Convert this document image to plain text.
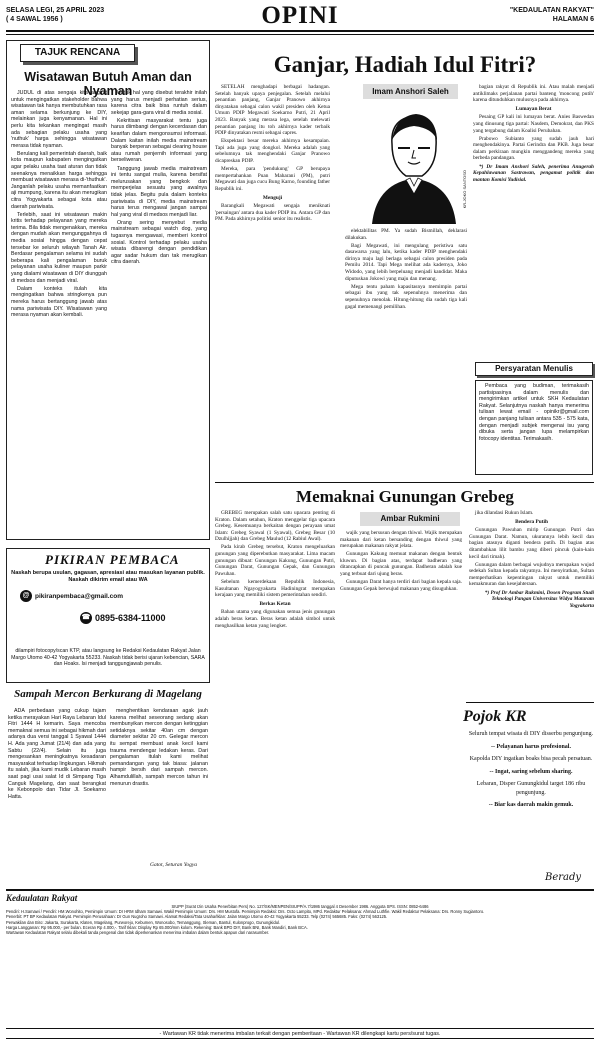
SELASA LEGI, 25 APRIL 2023
( 4 SAWAL 1956 )	OPINI	"KEDAULATAN RAKYAT"
HALAMAN 6
TAJUK RENCANA
Wisatawan Butuh Aman dan Nyaman

JUDUL di atas sengaja kita angkat untuk mengingatkan stakeholder bahwa wisatawan tak hanya membutuhkan rasa aman selama berkunjung ke DIY, melainkan juga kenyamanan. Hal ini perlu kita tekankan mengingat masih ada sebagian pelaku usaha yang 'nuthuk' harga sehingga wisatawan merasa tidak nyaman.

Berulang kali pemerintah daerah, baik kota maupun kabupaten mengingatkan agar pelaku usaha taat aturan dan tidak seenaknya menaikkan harga sehingga membuat wisatawan merasa di-'thuthuk'. Janganlah pelaku usaha memanfaatkan aji mumpung, karena itu akan merugikan citra Yogyakarta sebagai kota atau daerah pariwisata.

Terlebih, saat ini wisatawan makin kritis terhadap pelayanan yang mereka terima. Bila tidak mengenakkan, mereka dengan mudah akan mengunggahnya di media sosial hingga dengan cepat tersebar ke seluruh wilayah Tanah Air. Berdasar pengalaman selama ini sudah beberapa kali pengalaman buruk pelayanan usaha kuliner maupun parkir yang dialami wisatawan di DIY diunggah di medsos dan menjadi viral.

Dalam konteks itulah kita mengingatkan bahwa stringkenya pun mereka harus bertanggung jawab atas nama pariwisata DIY. Wisatawan yang merasa nyaman akan kembali.

Untuk hal yang disebut terakhir inilah yang harus menjadi perhatian serius, karena citra baik bisa runtuh dalam sekejap gara-gara viral di media sosial.

Kekritisan masyarakat tentu juga harus diimbangi dengan kecerdasan dan kearifan dalam mengonsumsi informasi. Dalam kaitan inilah media mainstream banyak berperan sebagai clearing house atau rumah penjernih informasi yang berseliweran.

Tanggung jawab media mainstream ini tentu sangat mulia, karena bersifat melurusakan yang bengkok dan memperjelas sesuatu yang awalnya tidak jelas. Begitu pula dalam konteks pariwisata di DIY, media mainstream harus terus mengawal jangan sampai hal yang viral di medsos menjadi liar.

Orang sering menyebut media mainstream sebagai watch dog, yang tugasnya mengawasi, memberi kontrol sosial. Kontrol terhadap pelaku usaha wisata dibarengi dengan pendidikan agar sadar hukum dan tak merugikan citra daerah.

PIKIRAN PEMBACA
Naskah berupa usulan, gagasan, apresiasi atau masukan layanan publik. Naskah dikirim email atau WA
@ pikiranpembaca@gmail.com
☎ 0895-6384-11000
dilampiri fotocopy/scan KTP, atau langsung ke Redaksi Kedaulatan Rakyat Jalan Margo Utomo 40-42 Yogyakarta 55233. Naskah tidak berisi ujaran kebencian, SARA dan Hoaks. Isi menjadi tanggungjawab penulis.
Sampah Mercon Berkurang di Magelang

ADA perbedaan yang cukup tajam ketika merayakan Hari Raya Lebaran Idul Fitri 1444 H kemarin. Saya mencoba memaknai semua ini sebagai hikmah dari adanya dua versi tanggal 1 Syawal 1444 H. Ada yang Jumat (21/4) dan ada yang Sabtu (22/4). Selain itu juga mengesankan meningkatnya kesadaran masyarakat terhadap lingkungan. Hikmah itu salah, jika kami mudik Lebaran masih saat pagi usai salat Id di Simpang Tiga Canguk Magelang, dan saat berangkat ke Kebonpolo dan Tidar Jl. Soekarno Hatta.

menghentikan kendaraan agak jauh karena melihat seseorang sedang akan membunyikan mercon dengan ketinggian setidaknya sekitar 40an cm dengan diameter sekitar 20 cm. Gelegar mercon itu sempat membuat anak kecil kami trauma mendengar ledakan keras. Dari pengalaman itulah kami melihat pemandangan yang tak biasa: jalanan hampir bersih dari sampah mercon. Alhamdulillah, sampah mercon tahun ini menurun drastis.

Gatot, Seturan Yogya
Ganjar, Hadiah Idul Fitri?
Imam Anshori Saleh
KR-JOKO SANTOSO

SETELAH menghadapi berbagai hadangan. Setelah banyak upaya penjegalan. Setelah melalui penantian panjang, Ganjar Pranowo akhirnya dinyatakan sebagai calon wakil presiden oleh Ketua Umum PDIP Megawati Soekarno Putri, 21 April 2023. Banyak yang merasa lega, setelah melewati penantian panjang itu toh akhirnya kader terbaik PDIP dinyatakan resmi sebagai capres.

Ekspektasi besar mereka akhirnya kesampaian. Tapi ada juga yang dongkol. Mereka adalah yang sebelumnya tak menghendaki Ganjar Pranowo dicapreskan PDIP.

Mereka, para 'pendukung' GP berupaya mempertahankan Puan Maharani (PM), putri Megawati dan juga cucu Bung Karno, founding father Republik ini.

Menguji

Barangkali Megawati sengaja meniknati 'persaingan' antara dua kader PDIP itu. Antara GP dan PM. Pada akhirnya politisi senior itu realistis.

elektabilitas PM. Ya sudah Bismillah, deklarasi dilakukan.

Bagi Megawati, ini mengulang peristiwa satu dasawarsa yang lalu, ketika kader PDIP menghendaki dirinya maju lagi berlaga sebagai calon presiden pada Pemilu 2014. Tapi Mega melihat ada kadernya, Joko Widodo, yang lebih berpeluang menjadi kandidat. Maka diputuskan Jokowi yang maju dan menang.

Mega tentu paham kapasitasnya memimpin partai sebagai ibu yang tak sepenuhnya menerima dan sepenuhnya menolak. Hitung-hitung dia sudah tiga kali gagal memenangi pemilihan.

bagian rakyat di Republik ini. Atau malah menjadi antiklimaks perjalanan partai banteng 'moncong putih' karena ditunduhkan mulusnya pada akhirnya.

Lumayan Berat

Pesaing GP kali ini lumayan berat. Anies Baswedan yang dinusung tiga partai: Nasdem, Demokrat, dan PKS yang tergabung dalam Koalisi Perubahan.

Prabowo Subianto yang sudah jauh hari menghendakinya. Partai Gerindra dan PKB. Juga besar dalam perkiraan mungkin menggandeng mereka yang berbeda pandangan.

*) Dr Imam Anshori Saleh, penerima Anugerah Kepahlawanan Sastrawan, pengamat politik dan mantan Komisi Yudisial.

Persyaratan Menulis

Pembaca yang budiman, terimakasih partisipasinya dalam menulis dan mengirimkan artikel untuk SKH Kedaulatan Rakyat. Selanjutnya naskah hanya menerima tulisan lewat email - opinikr@gmail.com dengan panjang tulisan antara 535 - 575 kata, dengan menjadi subjek mengenai isu yang dibuka serta jangan lupa melampirkan fotocopy identitas. Terimakasih.

Memaknai Gunungan Grebeg
Ambar Rukmini

GREBEG merupakan salah satu upacara penting di Kraton. Dalam setahun, Kraton menggelar tiga upacara Grebeg. Kesemuanya berkaitan dengan perayaan umat Islam: Grebeg Syawal (1 Syawal), Grebeg Besar (10 Dzulhijjah) dan Grebeg Maulud (12 Rabiul Awal).

Pada kirab Grebeg tersebut, Kraton mengeluarkan gunungan yang diperebutkan masyarakat. Lima macam gunungan dibuat: Gunungan Kakung, Gunungan Putri, Gunungan Darat, Gunungan Gepak, dan Gunungan Pawuhan.

Sebelum kemerdekaan Republik Indonesia, Kasultanan Ngayogyakarta Hadiningrat merupakan kerajaan yang memiliki sistem pemerintahan sendiri.

Berkas Ketan

Bahan utama yang digunakan semua jenis gunungan adalah beras ketan. Beras ketan adalah simbol untuk menghasilkan ketan yang lengket.

wajik yang bersusun dengan thiwul. Wajik merupakan makanan dari ketan bersanding dengan thiwul yang merupakan makanan rakyat jelata.

Gunungan Kakung memuat makanan dengan bentuk kluwun. Di bagian atas, terdapat badheran yang ditancapkan di puncak gunungan. Badheran adalah kue yang terbuat dari ujung beras.

Gunungan Darat hanya terdiri dari bagian kepala saja. Gunungan Gepak berwujud makanan yang disuguhkan.

jika dilandasi Rukun Islam.

Bendera Putih

Gunungan Pawuhan mirip Gunungan Putri dan Gunungan Darat. Namun, ukurannya lebih kecil dan bagian atasnya diganti bendera putih. Di bagian atas ditambahkan lilit bambu yang diberi pincuk (kain-kain kecil dari timah).

Gunungan dalam berbagai wujudnya merupakan wujud sedekah Sultan kepada rakyatnya. Ini menyiratkan, Sultan memperhatikan kepentingan rakyat untuk memiliki kemakmuran dan kesejahteraan.

*) Prof Dr Ambar Rukmini, Dosen Program Studi Teknologi Pangan Universitas Widya Mataram Yogyakarta

Pojok KR

Seluruh tempat wisata di DIY disserbu pengunjung.

-- Pelayanan harus profesional.

Kapolda DIY ingatkan boaks bisa pecah persatuan.

-- Ingat, saring sebelum sharing.

Lebaran, Disper Gunungkidul target 186 ribu pengunjung.

-- Biar kas daerah makin gemuk.

Berady
Kedaulatan Rakyat

SIUPP (Surat Izin Usaha Penerbitan Pers) No. 127/SK/MENPEN/SIUPP/A.7/1986 tanggal 4 Desember 1986. Anggota SPS. ISSN: 0852-6486

Pendiri: H.Samawi / Pendiri: HM.Wonohito, Pemimpin Umum: Dr HRM Idham Samawi. Wakil Pemimpin Umum: Drs. HM Mustofa. Pemimpin Redaksi: Drs. Octo Lampito, MPd. Redaktur Pelaksana: Ahmad Luthfie. Wakil Redaktur Pelaksana: Drs. Ronny Sugiantoro.

Penerbit: PT BP Kedaulatan Rakyat. Pemimpin Perusahaan: Dr Gun Nugroho Samawi. Alamat Redaksi/Tata Usaha/Iklan: Jalan Margo Utomo 40-42 Yogyakarta 55233. Telp (0274) 565685. Faks: (0274) 563125.

Perwakilan dan Biro: Jakarta, Surakarta, Klaten, Magelang, Purworejo, Kebumen, Wonosobo, Temanggung, Sleman, Bantul, Kulonprogo, Gunungkidul.

Harga Langganan: Rp 95.000,- per bulan. Eceran Rp 4.000,-. Tarif Iklan: Display Rp 65.000/mm kolom. Rekening: Bank BPD DIY, Bank BNI, Bank Mandiri, Bank BCA.

Wartawan Kedaulatan Rakyat selalu dibekali tanda pengenal dan tidak diperkenankan menerima imbalan dalam bentuk apapun dari narasumber.

- Wartawan KR tidak menerima imbalan terkait dengan pemberitaan - Wartawan KR dilengkapi kartu pers/surat tugas.
